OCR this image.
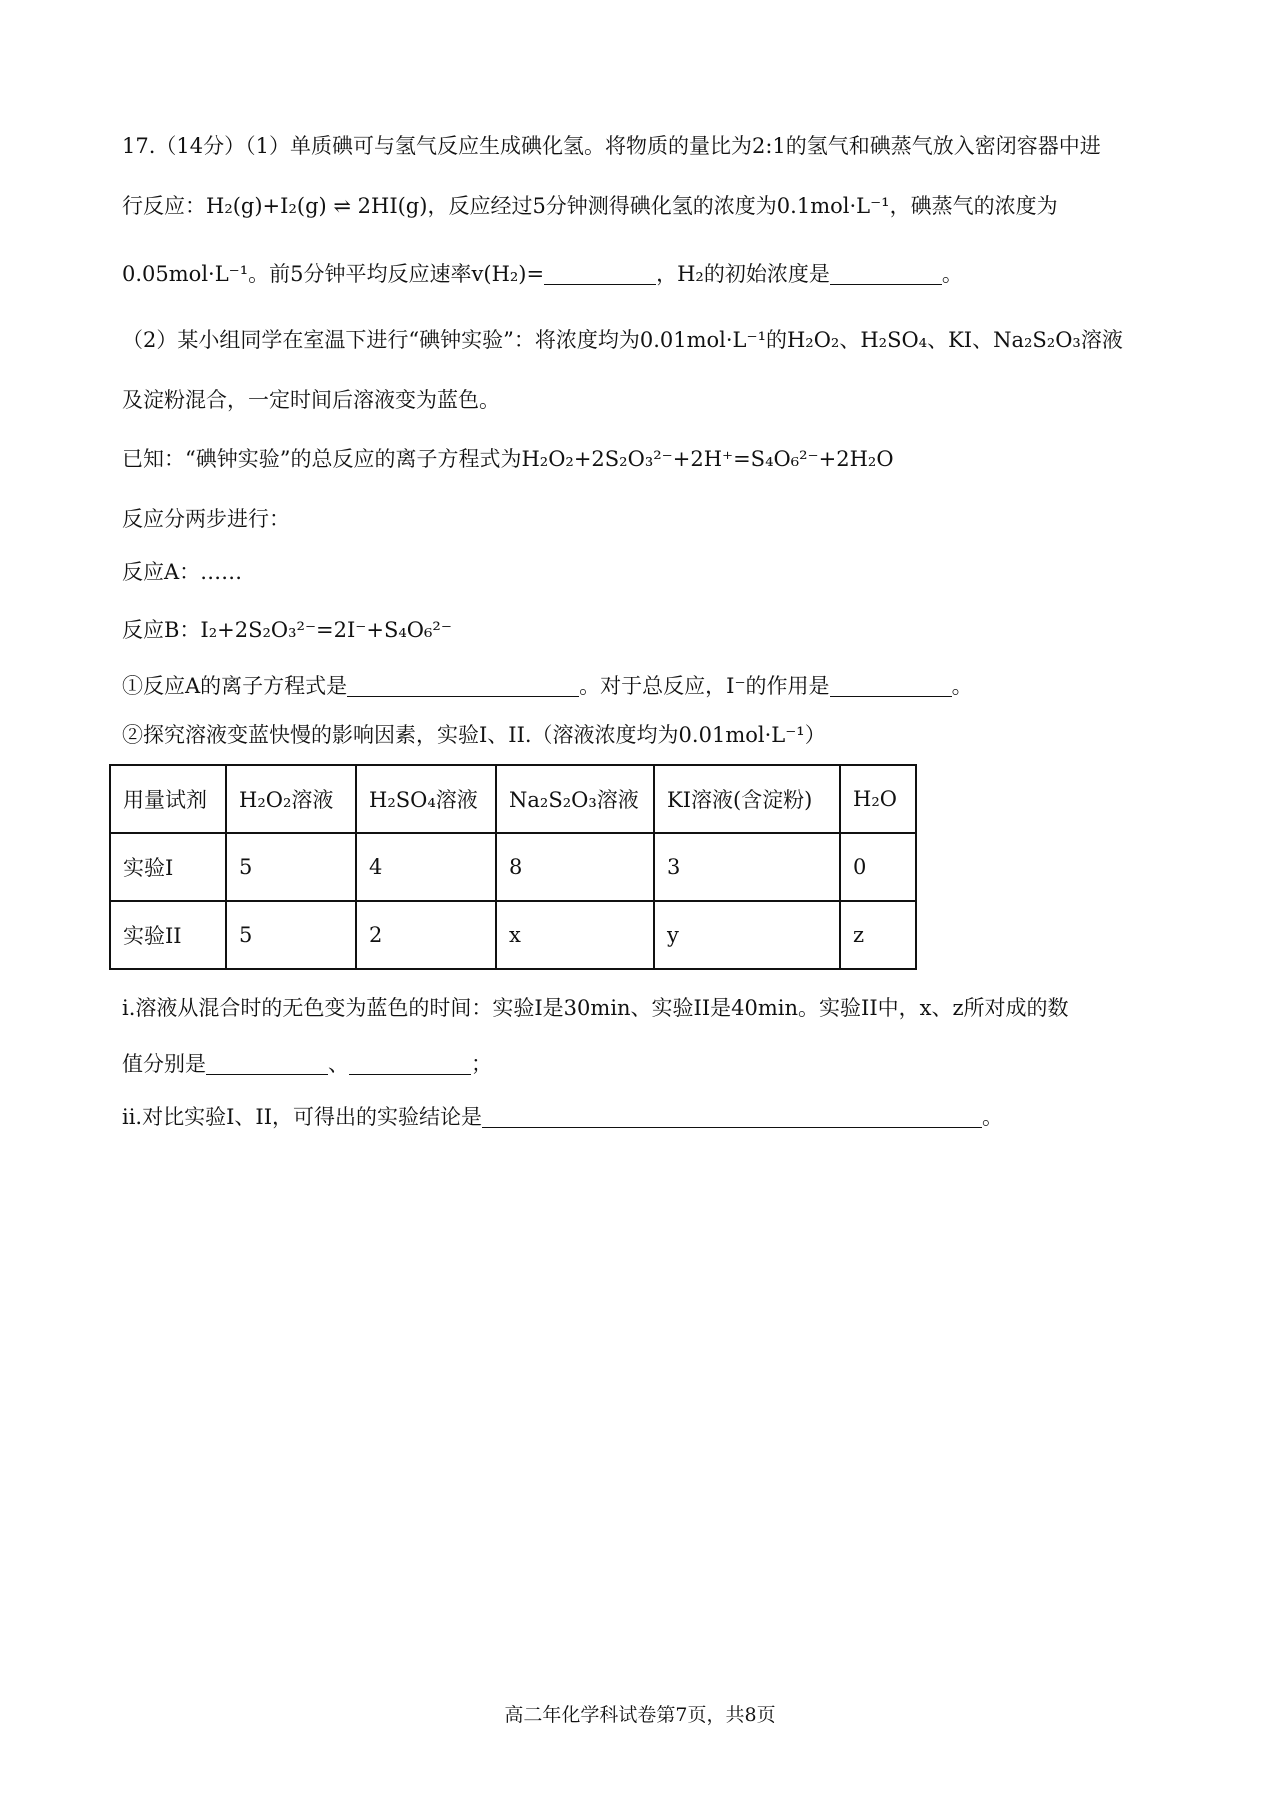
17.（14分）（1）单质碘可与氢气反应生成碘化氢。将物质的量比为2:1的氢气和碘蒸气放入密闭容器中进
行反应：H₂(g)+I₂(g) ⇌ 2HI(g)，反应经过5分钟测得碘化氢的浓度为0.1mol·L⁻¹，碘蒸气的浓度为
0.05mol·L⁻¹。前5分钟平均反应速率v(H₂)=	，H₂的初始浓度是	。
（2）某小组同学在室温下进行“碘钟实验”：将浓度均为0.01mol·L⁻¹的H₂O₂、H₂SO₄、KI、Na₂S₂O₃溶液
及淀粉混合，一定时间后溶液变为蓝色。
已知：“碘钟实验”的总反应的离子方程式为H₂O₂+2S₂O₃²⁻+2H⁺=S₄O₆²⁻+2H₂O
反应分两步进行：
反应A：……
反应B：I₂+2S₂O₃²⁻=2I⁻+S₄O₆²⁻
①反应A的离子方程式是	。对于总反应，I⁻的作用是	。
②探究溶液变蓝快慢的影响因素，实验I、II.（溶液浓度均为0.01mol·L⁻¹）
用量试剂	H₂O₂溶液	H₂SO₄溶液	Na₂S₂O₃溶液	KI溶液(含淀粉)	H₂O
实验I	5	4	8	3	0
实验II	5	2	x	y	z
i.溶液从混合时的无色变为蓝色的时间：实验I是30min、实验II是40min。实验II中，x、z所对成的数
值分别是	、	；
ii.对比实验I、II，可得出的实验结论是	。
高二年化学科试卷第7页，共8页
